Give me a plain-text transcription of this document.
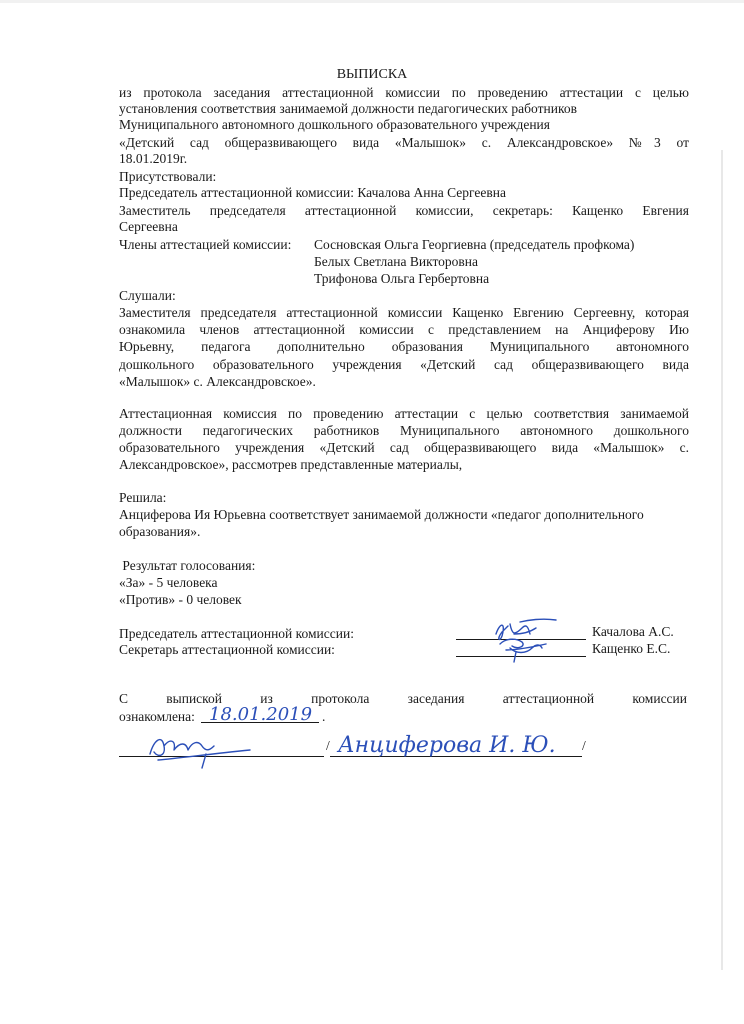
ВЫПИСКА
из протокола заседания аттестационной комиссии по проведению аттестации с целью
установления соответствия занимаемой должности педагогических работников
Муниципального автономного дошкольного образовательного учреждения
«Детский сад общеразвивающего вида «Малышок» с. Александровское» №3 от
18.01.2019г.
Присутствовали:
Председатель аттестационной комиссии: Качалова Анна Сергеевна
Заместитель председателя аттестационной комиссии, секретарь: Кащенко Евгения
Сергеевна
Члены аттестацией комиссии:	Сосновская Ольга Георгиевна (председатель профкома)
Белых Светлана Викторовна
Трифонова Ольга Гербертовна
Слушали:
Заместителя председателя аттестационной комиссии Кащенко Евгению Сергеевну, которая
ознакомила членов аттестационной комиссии с представлением на Анциферову Ию
Юрьевну, педагога дополнительно образования Муниципального автономного
дошкольного образовательного учреждения «Детский сад общеразвивающего вида
«Малышок» с. Александровское».
Аттестационная комиссия по проведению аттестации с целью соответствия занимаемой
должности педагогических работников Муниципального автономного дошкольного
образовательного учреждения «Детский сад общеразвивающего вида «Малышок» с.
Александровское», рассмотрев представленные материалы,
Решила:
Анциферова Ия Юрьевна соответствует занимаемой должности «педагог дополнительного
образования».
Результат голосования:
«За» - 5 человека
«Против» - 0 человек
Председатель аттестационной комиссии:	Качалова А.С.
Секретарь аттестационной комиссии:	Кащенко Е.С.
С выпиской из протокола заседания аттестационной комиссии
ознакомлена: 18.01.2019 .
/	/
Анциферова И. Ю.
